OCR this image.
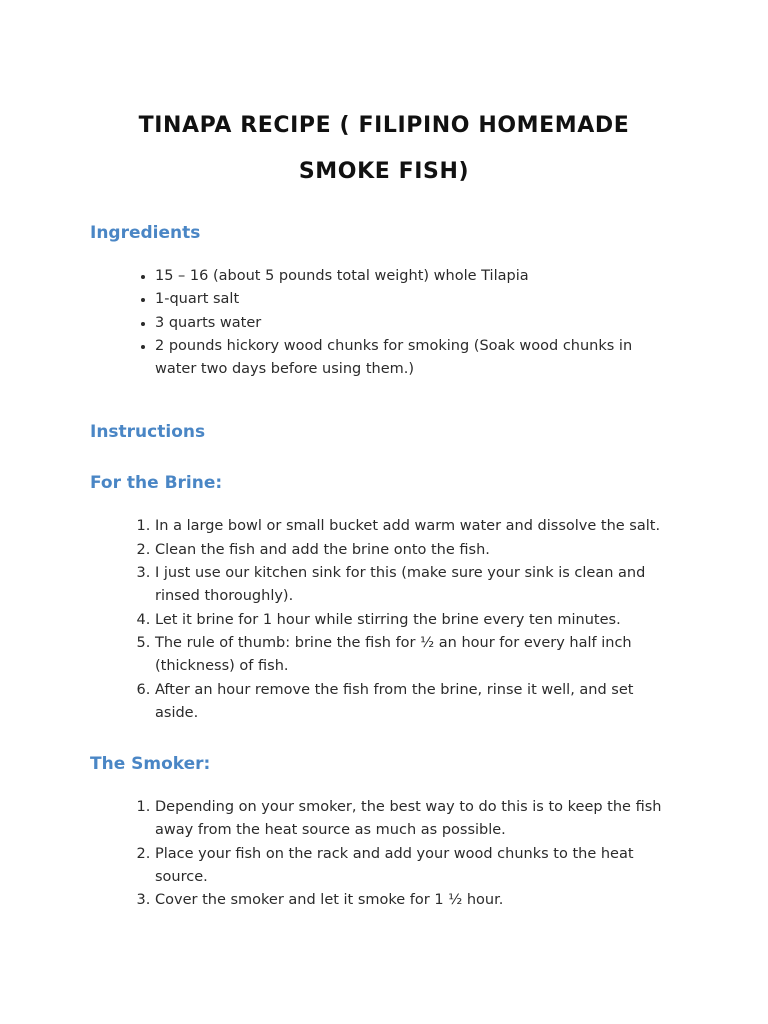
TINAPA RECIPE ( FILIPINO HOMEMADE
SMOKE FISH)
Ingredients
• 15 – 16 (about 5 pounds total weight) whole Tilapia
• 1-quart salt
• 3 quarts water
• 2 pounds hickory wood chunks for smoking (Soak wood chunks in water two days before using them.)
Instructions
For the Brine:
1. In a large bowl or small bucket add warm water and dissolve the salt.
2. Clean the fish and add the brine onto the fish.
3. I just use our kitchen sink for this (make sure your sink is clean and rinsed thoroughly).
4. Let it brine for 1 hour while stirring the brine every ten minutes.
5. The rule of thumb: brine the fish for ½ an hour for every half inch (thickness) of fish.
6. After an hour remove the fish from the brine, rinse it well, and set aside.
The Smoker:
1. Depending on your smoker, the best way to do this is to keep the fish away from the heat source as much as possible.
2. Place your fish on the rack and add your wood chunks to the heat source.
3. Cover the smoker and let it smoke for 1 ½ hour.
